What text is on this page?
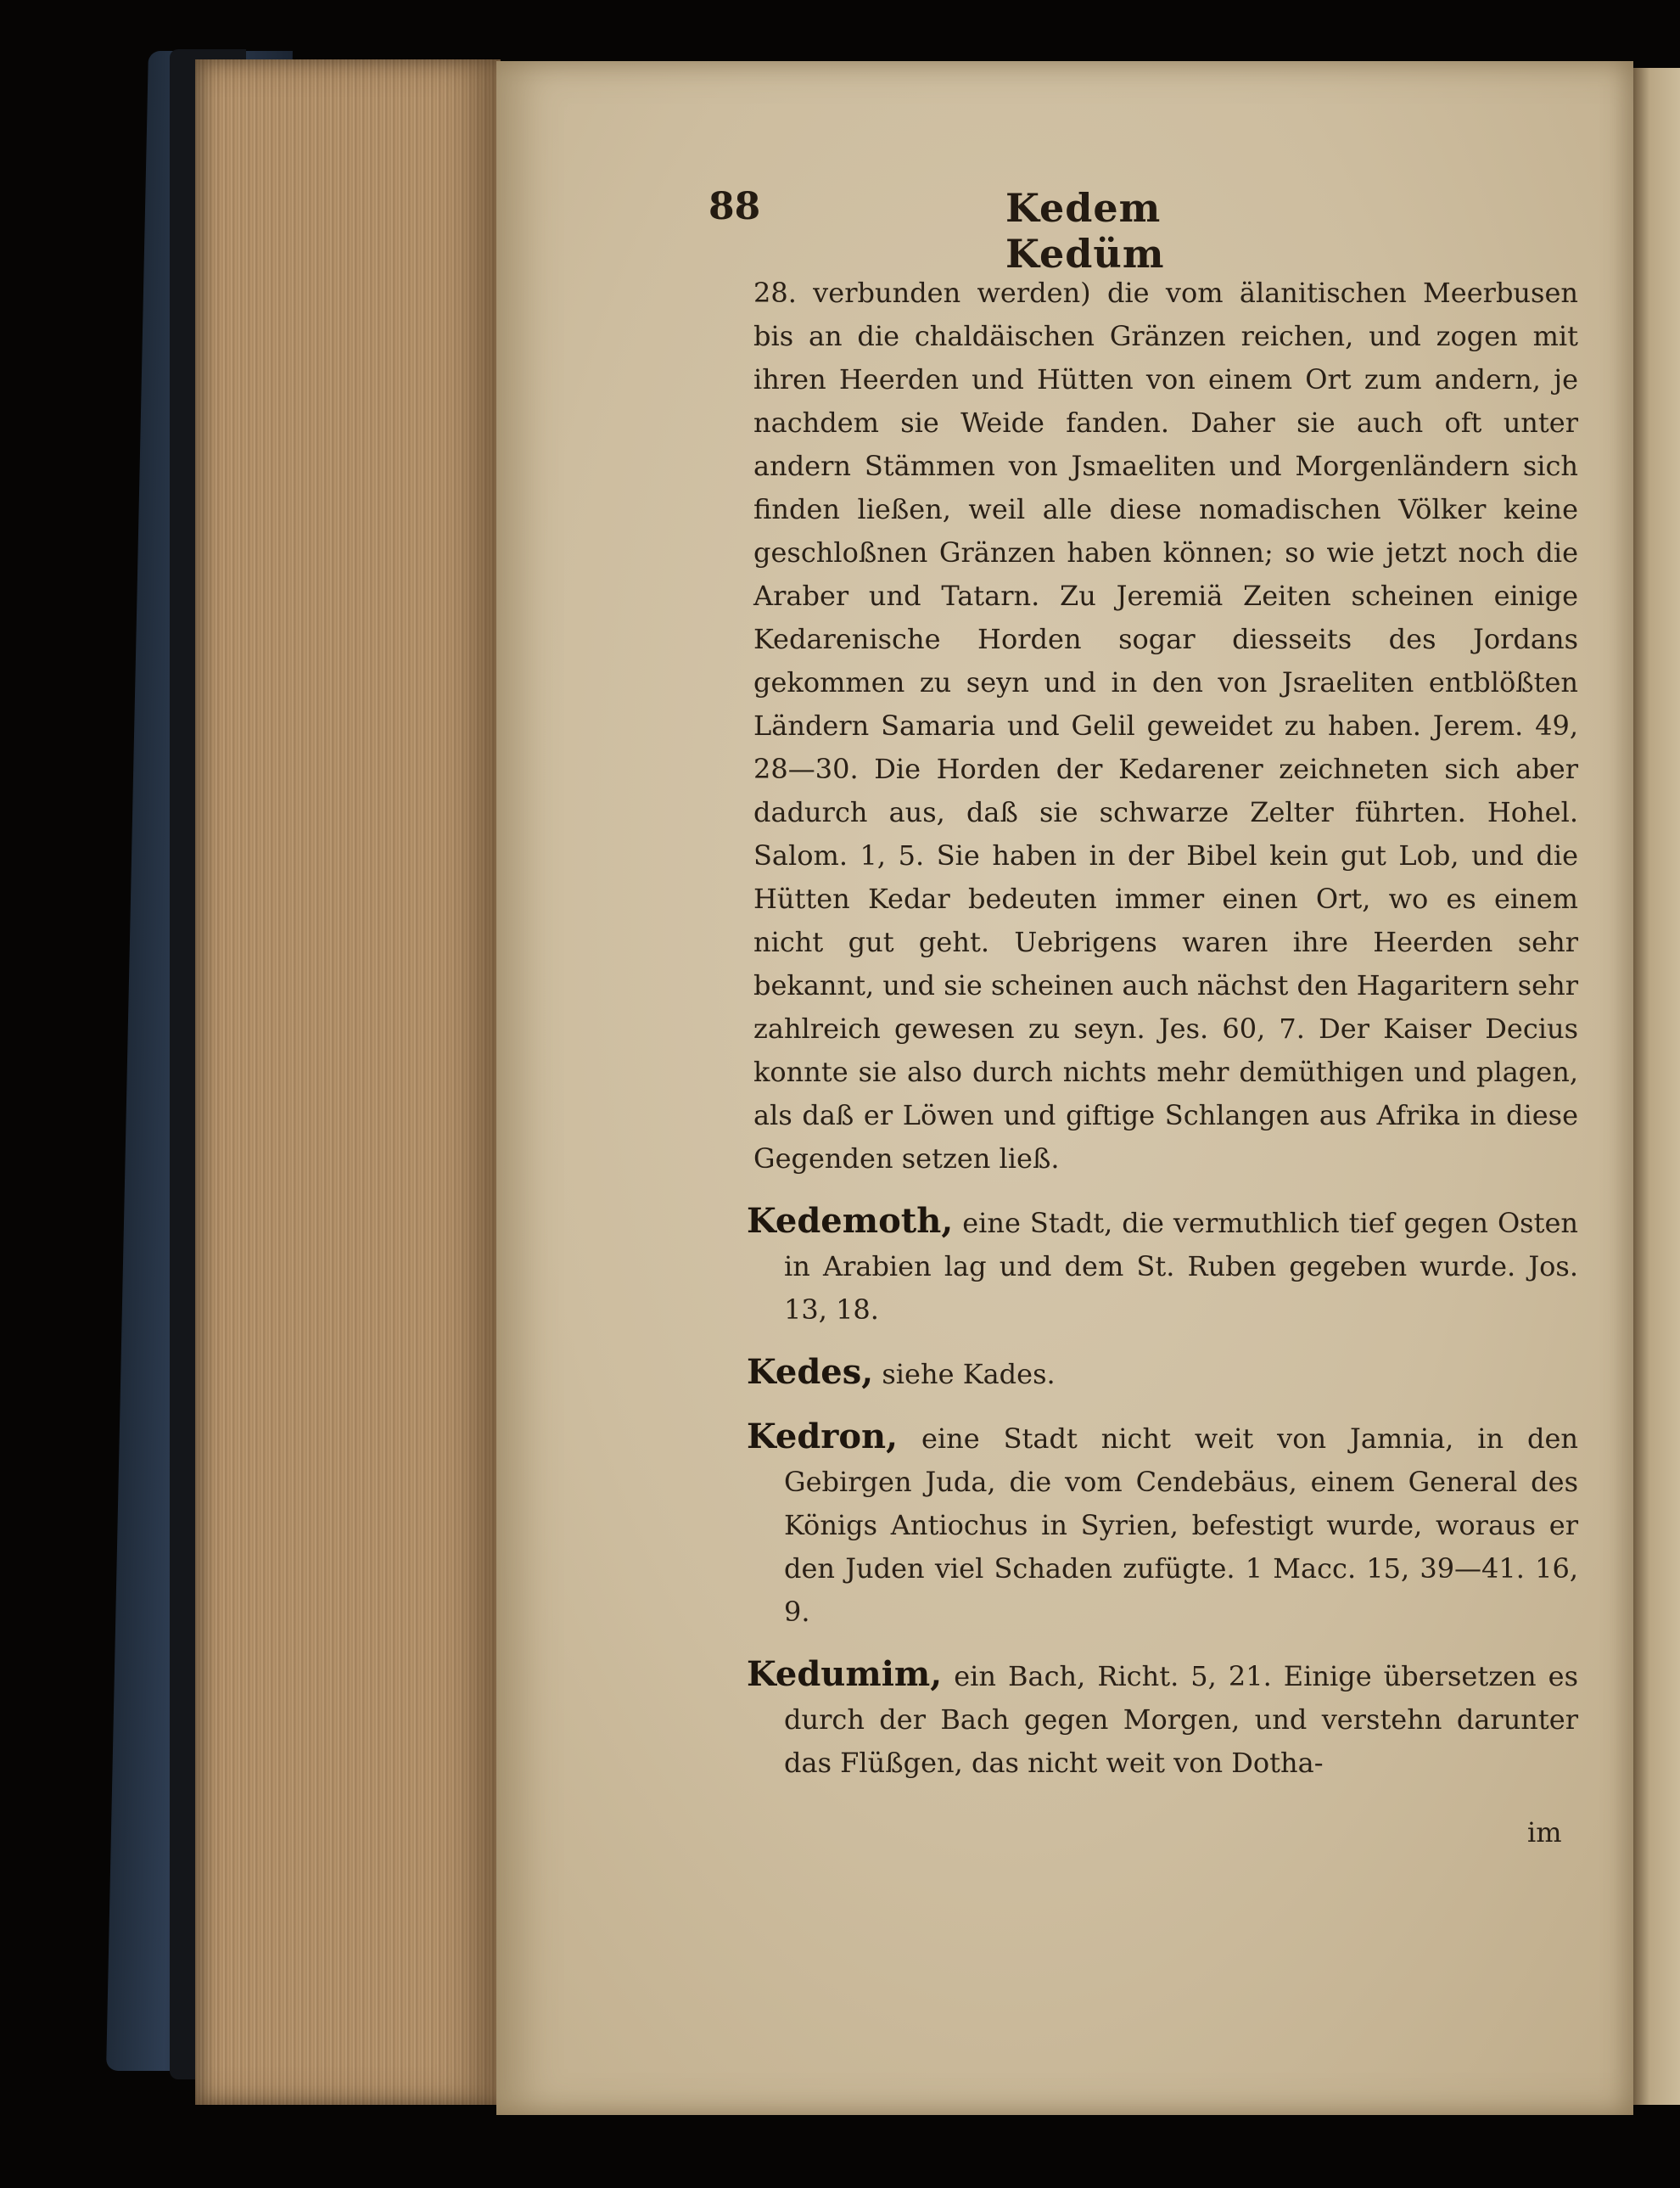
88	Kedem Kedüm
28. verbunden werden) die vom älanitischen Meerbusen bis an die chaldäischen Gränzen reichen, und zogen mit ihren Heerden und Hütten von einem Ort zum andern, je nachdem sie Weide fanden. Daher sie auch oft unter andern Stämmen von Jsmaeliten und Morgenländern sich finden ließen, weil alle diese nomadischen Völker keine geschloßnen Gränzen haben können; so wie jetzt noch die Araber und Tatarn. Zu Jeremiä Zeiten scheinen einige Kedarenische Horden sogar diesseits des Jordans gekommen zu seyn und in den von Jsraeliten entblößten Ländern Samaria und Gelil geweidet zu haben. Jerem. 49, 28—30. Die Horden der Kedarener zeichneten sich aber dadurch aus, daß sie schwarze Zelter führten. Hohel. Salom. 1, 5. Sie haben in der Bibel kein gut Lob, und die Hütten Kedar bedeuten immer einen Ort, wo es einem nicht gut geht. Uebrigens waren ihre Heerden sehr bekannt, und sie scheinen auch nächst den Hagaritern sehr zahlreich gewesen zu seyn. Jes. 60, 7. Der Kaiser Decius konnte sie also durch nichts mehr demüthigen und plagen, als daß er Löwen und giftige Schlangen aus Afrika in diese Gegenden setzen ließ.
Kedemoth, eine Stadt, die vermuthlich tief gegen Osten in Arabien lag und dem St. Ruben gegeben wurde. Jos. 13, 18.
Kedes, siehe Kades.
Kedron, eine Stadt nicht weit von Jamnia, in den Gebirgen Juda, die vom Cendebäus, einem General des Königs Antiochus in Syrien, befestigt wurde, woraus er den Juden viel Schaden zufügte. 1 Macc. 15, 39—41. 16, 9.
Kedumim, ein Bach, Richt. 5, 21. Einige übersetzen es durch der Bach gegen Morgen, und verstehn darunter das Flüßgen, das nicht weit von Dotha-
im
